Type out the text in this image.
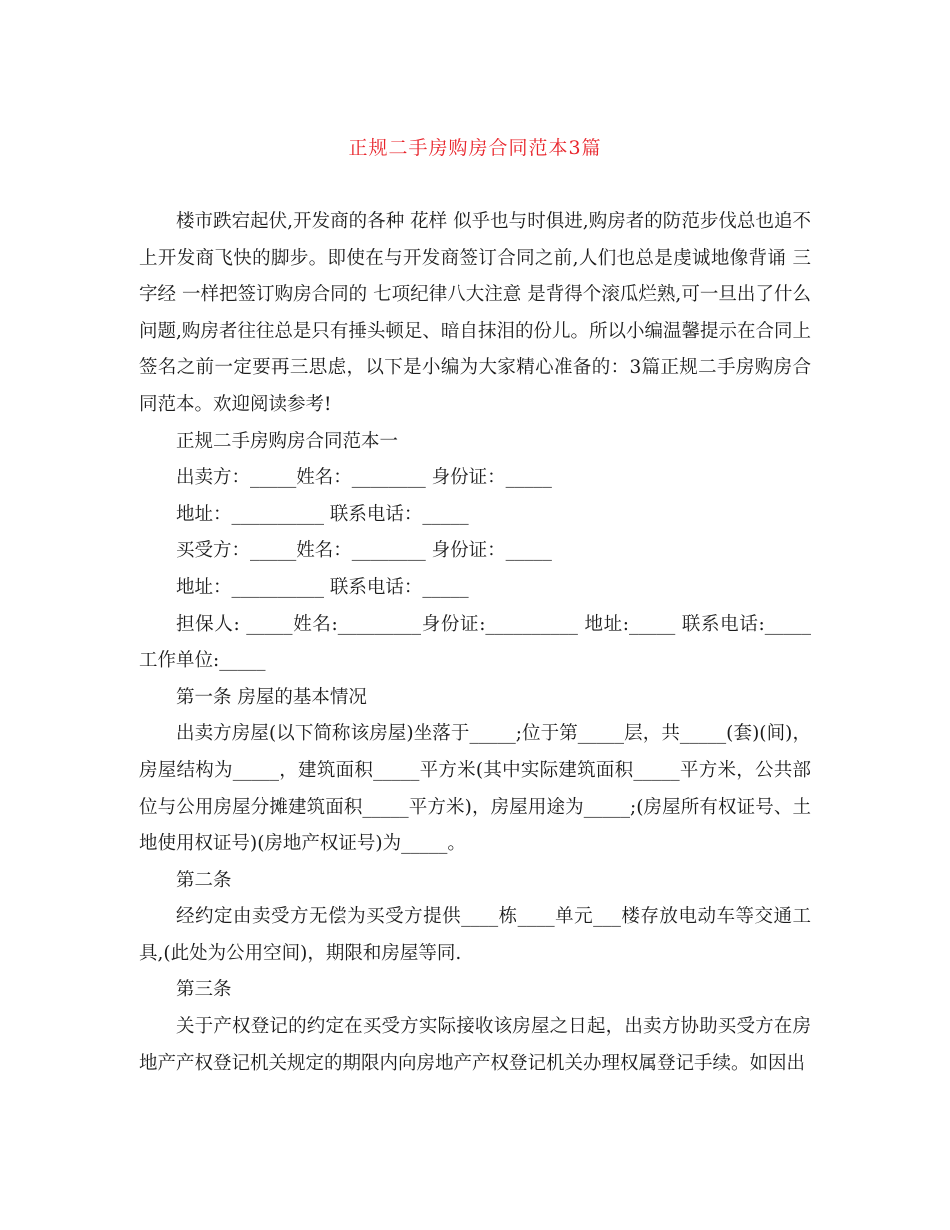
正规二手房购房合同范本3篇

楼市跌宕起伏,开发商的各种 花样 似乎也与时俱进,购房者的防范步伐总也追不上开发商飞快的脚步。即使在与开发商签订合同之前,人们也总是虔诚地像背诵 三字经 一样把签订购房合同的 七项纪律八大注意 是背得个滚瓜烂熟,可一旦出了什么问题,购房者往往总是只有捶头顿足、暗自抹泪的份儿。所以小编温馨提示在合同上签名之前一定要再三思虑，以下是小编为大家精心准备的：3篇正规二手房购房合同范本。欢迎阅读参考!

正规二手房购房合同范本一

出卖方：_____姓名：________ 身份证：_____

地址：__________ 联系电话：_____

买受方：_____姓名：________ 身份证：_____

地址：__________ 联系电话：_____

担保人: _____姓名:_________身份证:__________ 地址:_____ 联系电话:_____ 工作单位:_____

第一条 房屋的基本情况

出卖方房屋(以下简称该房屋)坐落于_____;位于第_____层，共_____(套)(间)，房屋结构为_____，建筑面积_____平方米(其中实际建筑面积_____平方米，公共部位与公用房屋分摊建筑面积_____平方米)，房屋用途为_____;(房屋所有权证号、土地使用权证号)(房地产权证号)为_____。

第二条

经约定由卖受方无偿为买受方提供____栋____单元___楼存放电动车等交通工具,(此处为公用空间)，期限和房屋等同.

第三条

关于产权登记的约定在买受方实际接收该房屋之日起，出卖方协助买受方在房地产产权登记机关规定的期限内向房地产产权登记机关办理权属登记手续。如因出
